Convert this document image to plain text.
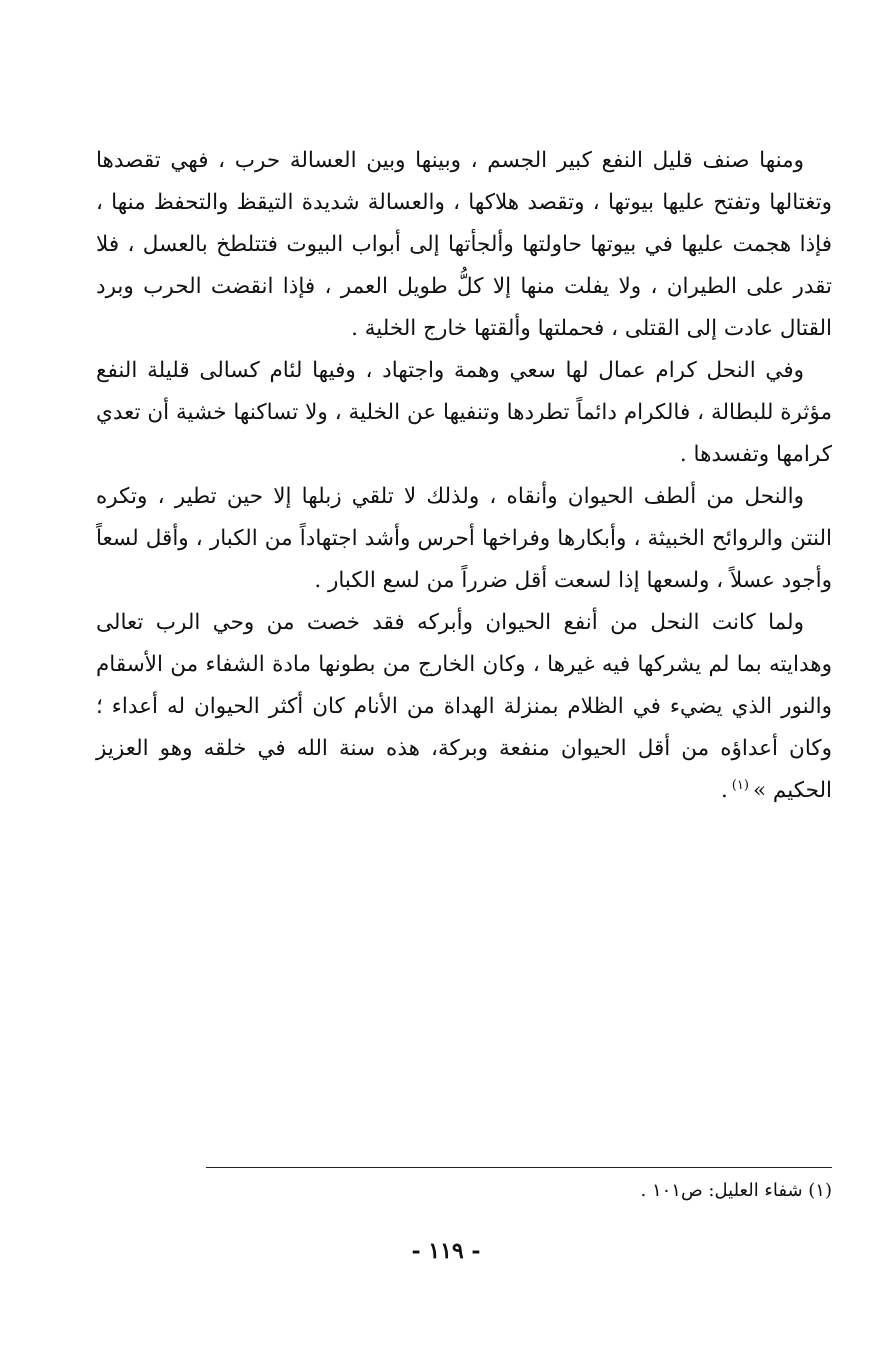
ومنها صنف قليل النفع كبير الجسم ، وبينها وبين العسالة حرب ، فهي تقصدها وتغتالها وتفتح عليها بيوتها ، وتقصد هلاكها ، والعسالة شديدة التيقظ والتحفظ منها ، فإذا هجمت عليها في بيوتها حاولتها وألجأتها إلى أبواب البيوت فتتلطخ بالعسل ، فلا تقدر على الطيران ، ولا يفلت منها إلا كلُّ طويل العمر ، فإذا انقضت الحرب وبرد القتال عادت إلى القتلى ، فحملتها وألقتها خارج الخلية .

وفي النحل كرام عمال لها سعي وهمة واجتهاد ، وفيها لئام كسالى قليلة النفع مؤثرة للبطالة ، فالكرام دائماً تطردها وتنفيها عن الخلية ، ولا تساكنها خشية أن تعدي كرامها وتفسدها .

والنحل من ألطف الحيوان وأنقاه ، ولذلك لا تلقي زبلها إلا حين تطير ، وتكره النتن والروائح الخبيثة ، وأبكارها وفراخها أحرس وأشد اجتهاداً من الكبار ، وأقل لسعاً وأجود عسلاً ، ولسعها إذا لسعت أقل ضرراً من لسع الكبار .

ولما كانت النحل من أنفع الحيوان وأبركه فقد خصت من وحي الرب تعالى وهدايته بما لم يشركها فيه غيرها ، وكان الخارج من بطونها مادة الشفاء من الأسقام والنور الذي يضيء في الظلام بمنزلة الهداة من الأنام كان أكثر الحيوان له أعداء ؛ وكان أعداؤه من أقل الحيوان منفعة وبركة، هذه سنة الله في خلقه وهو العزيز الحكيم »$^{(١)}$.

(١) شفاء العليل: ص١٠١ .
- ١١٩ -
